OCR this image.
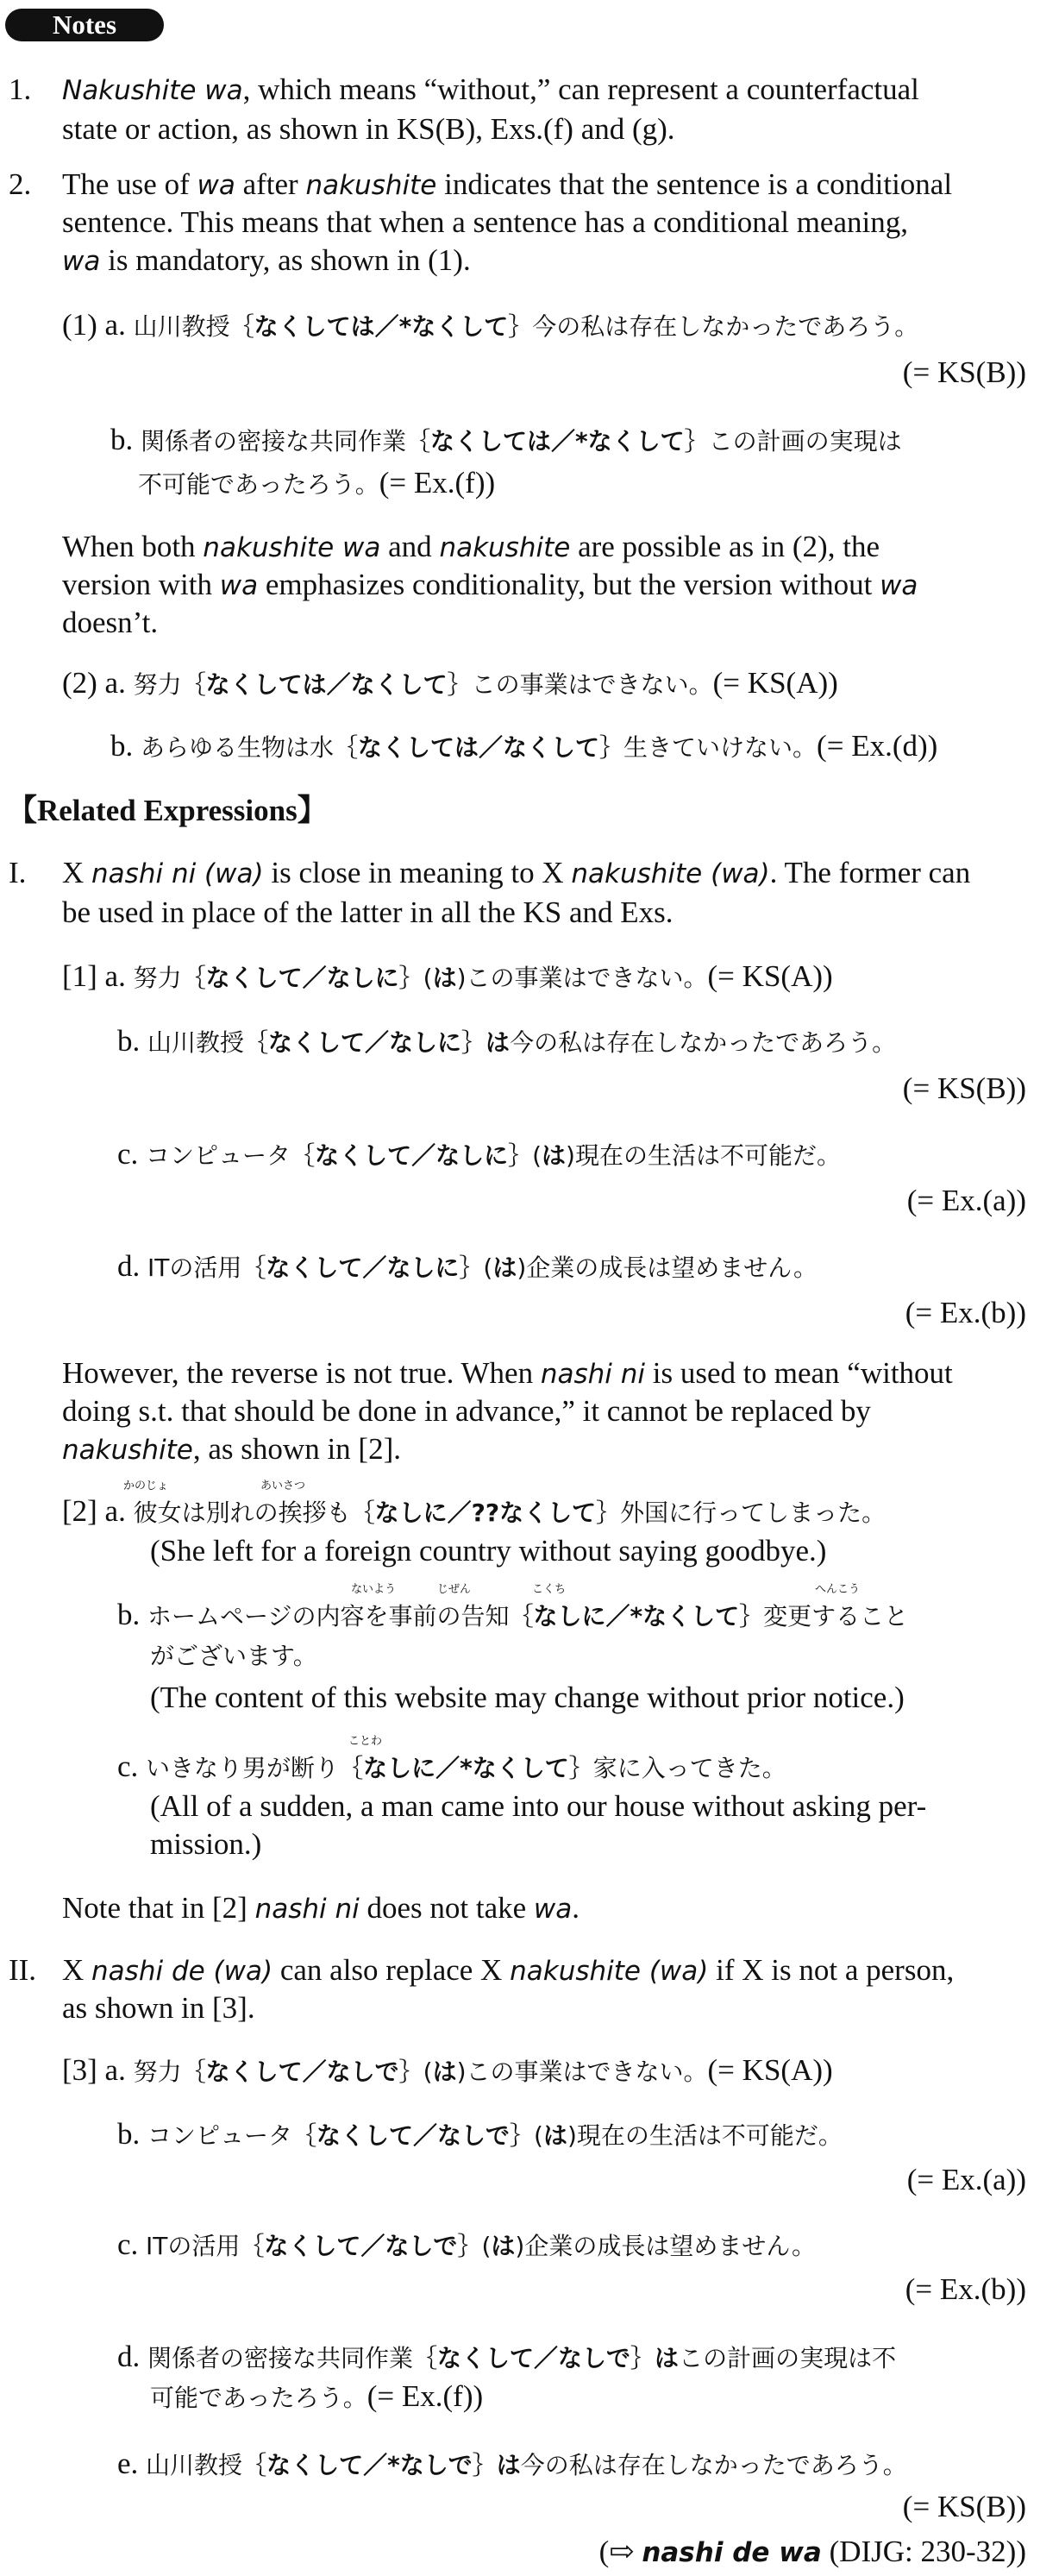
Notes
1. Nakushite wa, which means “without,” can represent a counterfactual
state or action, as shown in KS(B), Exs.(f) and (g).
2. The use of wa after nakushite indicates that the sentence is a conditional
sentence. This means that when a sentence has a conditional meaning,
wa is mandatory, as shown in (1).
(1) a. 山川教授｛なくしては／*なくして｝今の私は存在しなかったであろう。
(= KS(B))
b. 関係者の密接な共同作業｛なくしては／*なくして｝この計画の実現は
不可能であったろう。(= Ex.(f))
When both nakushite wa and nakushite are possible as in (2), the
version with wa emphasizes conditionality, but the version without wa
doesn’t.
(2) a. 努力｛なくしては／なくして｝この事業はできない。(= KS(A))
b. あらゆる生物は水｛なくしては／なくして｝生きていけない。(= Ex.(d))
【Related Expressions】
I. X nashi ni (wa) is close in meaning to X nakushite (wa). The former can
be used in place of the latter in all the KS and Exs.
[1] a. 努力｛なくして／なしに｝(は)この事業はできない。(= KS(A))
b. 山川教授｛なくして／なしに｝は今の私は存在しなかったであろう。
(= KS(B))
c. コンピュータ｛なくして／なしに｝(は)現在の生活は不可能だ。
(= Ex.(a))
d. ITの活用｛なくして／なしに｝(は)企業の成長は望めません。
(= Ex.(b))
However, the reverse is not true. When nashi ni is used to mean “without
doing s.t. that should be done in advance,” it cannot be replaced by
nakushite, as shown in [2].
かのじょ	あいさつ
[2] a. 彼女は別れの挨拶も｛なしに／??なくして｝外国に行ってしまった。
(She left for a foreign country without saying goodbye.)
ないよう	じぜん	こくち	へんこう
b. ホームページの内容を事前の告知｛なしに／*なくして｝変更すること
がございます。
(The content of this website may change without prior notice.)
ことわ
c. いきなり男が断り｛なしに／*なくして｝家に入ってきた。
(All of a sudden, a man came into our house without asking per-
mission.)
Note that in [2] nashi ni does not take wa.
II. X nashi de (wa) can also replace X nakushite (wa) if X is not a person,
as shown in [3].
[3] a. 努力｛なくして／なしで｝(は)この事業はできない。(= KS(A))
b. コンピュータ｛なくして／なしで｝(は)現在の生活は不可能だ。
(= Ex.(a))
c. ITの活用｛なくして／なしで｝(は)企業の成長は望めません。
(= Ex.(b))
d. 関係者の密接な共同作業｛なくして／なしで｝はこの計画の実現は不
可能であったろう。(= Ex.(f))
e. 山川教授｛なくして／*なしで｝は今の私は存在しなかったであろう。
(= KS(B))
(⇨ nashi de wa (DIJG: 230-32))
